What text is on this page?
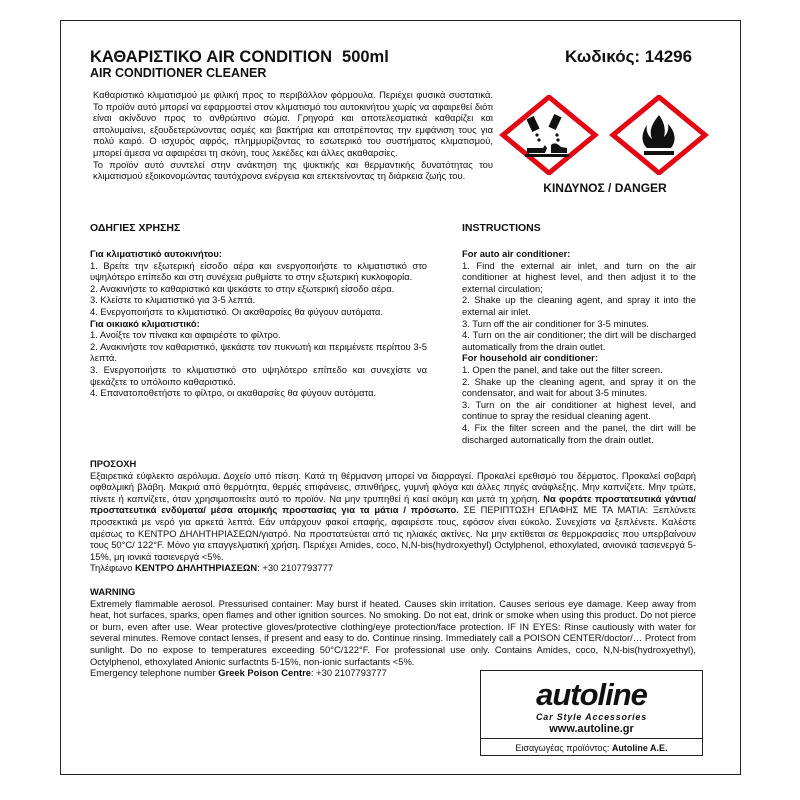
ΚΑΘΑΡΙΣΤΙΚΟ AIR CONDITION 500ml
AIR CONDITIONER CLEANER
Κωδικός: 14296

Καθαριστικό κλιματισμού με φιλική προς το περιβάλλον φόρμουλα. Περιέχει φυσικά συστατικά. Το προϊόν αυτό μπορεί να εφαρμοστεί στον κλιματισμό του αυτοκινήτου χωρίς να αφαιρεθεί διότι είναι ακίνδυνο προς το ανθρώπινο σώμα. Γρηγορά και αποτελεσματικά καθαρίζει και απολυμαίνει, εξουδετερώνοντας οσμές και βακτήρια και αποτρέποντας την εμφάνιση τους για πολύ καιρό. Ο ισχυρός αφρός, πλημμυρίζοντας το εσωτερικό του συστήματος κλιματισμού, μπορεί άμεσα να αφαιρέσει τη σκόνη, τους λεκέδες και άλλες ακαθαρσίες.

Το προϊόν αυτό συντελεί στην ανάκτηση της ψυκτικής και θερμαντικής δυνατότητας του κλιματισμού εξοικονομώντας ταυτόχρονα ενέργεια και επεκτείνοντας τη διάρκεια ζωής του.

ΚΙΝΔΥΝΟΣ / DANGER
ΟΔΗΓΙΕΣ ΧΡΗΣΗΣ

Για κλιματιστικό αυτοκινήτου:

1. Βρείτε την εξωτερική είσοδο αέρα και ενεργοποιήστε το κλιματιστικό στο υψηλότερο επίπεδο και στη συνέχεια ρυθμίστε το στην εξωτερική κυκλοφορία.

2. Ανακινήστε το καθαριστικό και ψεκάστε το στην εξωτερική είσοδο αέρα.

3. Κλείστε το κλιματιστικό για 3-5 λεπτά.

4. Ενεργοποιήστε το κλιματιστικό. Οι ακαθαρσίες θα φύγουν αυτόματα.

Για οικιακό κλιματιστικό:

1. Ανοίξτε τον πίνακα και αφαιρέστε το φίλτρο.

2. Ανακινήστε τον καθαριστικό, ψεκάστε τον πυκνωτή και περιμένετε περίπου 3-5 λεπτά.

3. Ενεργοποιήστε το κλιματιστικό στο υψηλότερο επίπεδο και συνεχίστε να ψεκάζετε το υπόλοιπο καθαριστικό.

4. Επανατοποθετήστε το φίλτρο, οι ακαθαρσίες θα φύγουν αυτόματα.

INSTRUCTIONS

For auto air conditioner:

1. Find the external air inlet, and turn on the air conditioner at highest level, and then adjust it to the external circulation;

2. Shake up the cleaning agent, and spray it into the external air inlet.

3. Turn off the air conditioner for 3-5 minutes.

4. Turn on the air conditioner; the dirt will be discharged automatically from the drain outlet.

For household air conditioner:

1. Open the panel, and take out the filter screen.

2. Shake up the cleaning agent, and spray it on the condensator, and wait for about 3-5 minutes.

3. Turn on the air conditioner at highest level, and continue to spray the residual cleaning agent.

4. Fix the filter screen and the panel, the dirt will be discharged automatically from the drain outlet.

ΠΡΟΣΟΧΗ

Εξαιρετικά εύφλεκτο αερόλυμα. Δοχείο υπό πίεση. Κατά τη θέρμανση μπορεί να διαρραγεί. Προκαλεί ερεθισμό του δέρματος. Προκαλεί σοβαρή οφθαλμική βλάβη. Μακριά από θερμότητα, θερμές επιφάνειες, σπινθήρες, γυμνή φλόγα και άλλες πηγές ανάφλεξης. Μην καπνίζετε. Μην τρώτε, πίνετε ή καπνίζετε, όταν χρησιμοποιείτε αυτό το προϊόν. Να μην τρυπηθεί ή καεί ακόμη και μετά τη χρήση. Να φοράτε προστατευτικά γάντια/ προστατευτικά ενδύματα/ μέσα ατομικής προστασίας για τα μάτια / πρόσωπο. ΣΕ ΠΕΡΙΠΤΩΣΗ ΕΠΑΦΗΣ ΜΕ ΤΑ ΜΑΤΙΑ: Ξεπλύνετε προσεκτικά με νερό για αρκετά λεπτά. Εάν υπάρχουν φακοί επαφής, αφαιρέστε τους, εφόσον είναι εύκολο. Συνεχίστε να ξεπλένετε. Καλέστε αμέσως το ΚΕΝΤΡΟ ΔΗΛΗΤΗΡΙΑΣΕΩΝ/γιατρό. Να προστατεύεται από τις ηλιακές ακτίνες. Να μην εκτίθεται σε θερμοκρασίες που υπερβαίνουν τους 50°C/ 122°F. Μόνο για επαγγελματική χρήση. Περιέχει Amides, coco, N,N-bis(hydroxyethyl) Octylphenol, ethoxylated, ανιονικά τασιενεργά 5-15%, μη ιονικά τασιενεργά <5%.

Τηλέφωνο ΚΕΝΤΡΟ ΔΗΛΗΤΗΡΙΑΣΕΩΝ: +30 2107793777

WARNING

Extremely flammable aerosol. Pressurised container: May burst if heated. Causes skin irritation. Causes serious eye damage. Keep away from heat, hot surfaces, sparks, open flames and other ignition sources. No smoking. Do not eat, drink or smoke when using this product. Do not pierce or burn, even after use. Wear protective gloves/protective clothing/eye protection/face protection. IF IN EYES: Rinse cautiously with water for several minutes. Remove contact lenses, if present and easy to do. Continue rinsing. Immediately call a POISON CENTER/doctor/… Protect from sunlight. Do no expose to temperatures exceeding 50°C/122°F. For professional use only. Contains Amides, coco, N,N-bis(hydroxyethyl), Octylphenol, ethoxylated Anionic surfactnts 5-15%, non-ionic surfactants <5%.

Emergency telephone number Greek Poison Centre: +30 2107793777

autoline
Car Style Accessories
www.autoline.gr
Εισαγωγέας προϊόντος: Autoline A.E.
